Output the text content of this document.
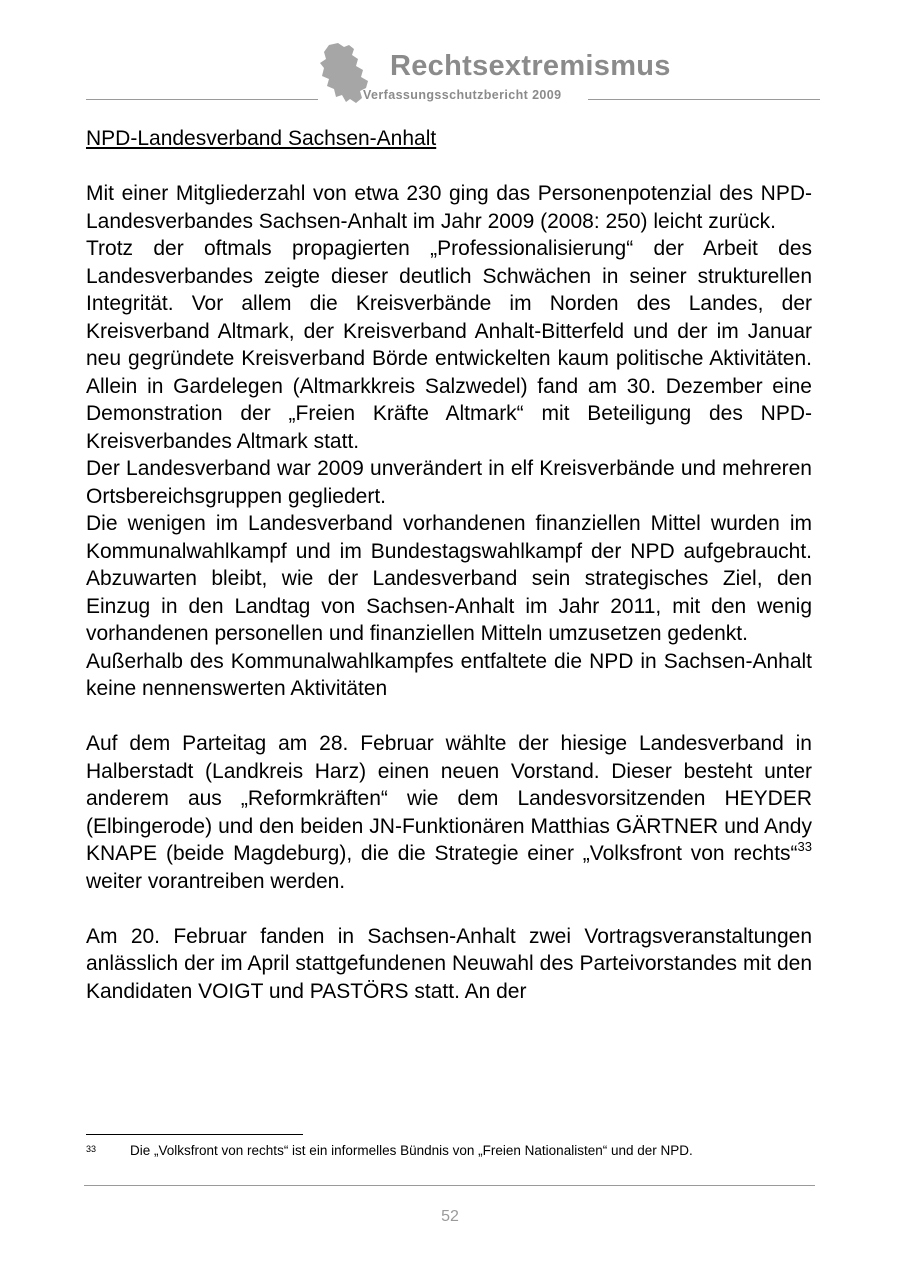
Rechtsextremismus
Verfassungsschutzbericht 2009

NPD-Landesverband Sachsen-Anhalt

Mit einer Mitgliederzahl von etwa 230 ging das Personenpotenzial des NPD-Landesverbandes Sachsen-Anhalt im Jahr 2009 (2008: 250) leicht zurück.

Trotz der oftmals propagierten „Professionalisierung“ der Arbeit des Landesverbandes zeigte dieser deutlich Schwächen in seiner strukturellen Integrität. Vor allem die Kreisverbände im Norden des Landes, der Kreisverband Altmark, der Kreisverband Anhalt-Bitterfeld und der im Januar neu gegründete Kreisverband Börde entwickelten kaum politische Aktivitäten. Allein in Gardelegen (Altmarkkreis Salzwedel) fand am 30. Dezember eine Demonstration der „Freien Kräfte Altmark“ mit Beteiligung des NPD-Kreisverbandes Altmark statt.

Der Landesverband war 2009 unverändert in elf Kreisverbände und mehreren Ortsbereichsgruppen gegliedert.

Die wenigen im Landesverband vorhandenen finanziellen Mittel wurden im Kommunalwahlkampf und im Bundestagswahlkampf der NPD aufgebraucht. Abzuwarten bleibt, wie der Landesverband sein strategisches Ziel, den Einzug in den Landtag von Sachsen-Anhalt im Jahr 2011, mit den wenig vorhandenen personellen und finanziellen Mitteln umzusetzen gedenkt.

Außerhalb des Kommunalwahlkampfes entfaltete die NPD in Sachsen-Anhalt keine nennenswerten Aktivitäten

Auf dem Parteitag am 28. Februar wählte der hiesige Landesverband in Halberstadt (Landkreis Harz) einen neuen Vorstand. Dieser besteht unter anderem aus „Reformkräften“ wie dem Landesvorsitzenden HEYDER (Elbingerode) und den beiden JN-Funktionären Matthias GÄRTNER und Andy KNAPE (beide Magdeburg), die die Strategie einer „Volksfront von rechts“$^{33}$ weiter vorantreiben werden.

Am 20. Februar fanden in Sachsen-Anhalt zwei Vortragsveranstaltungen anlässlich der im April stattgefundenen Neuwahl des Parteivorstandes mit den Kandidaten VOIGT und PASTÖRS statt. An der

33	Die „Volksfront von rechts“ ist ein informelles Bündnis von „Freien Nationalisten“ und der NPD.
52
